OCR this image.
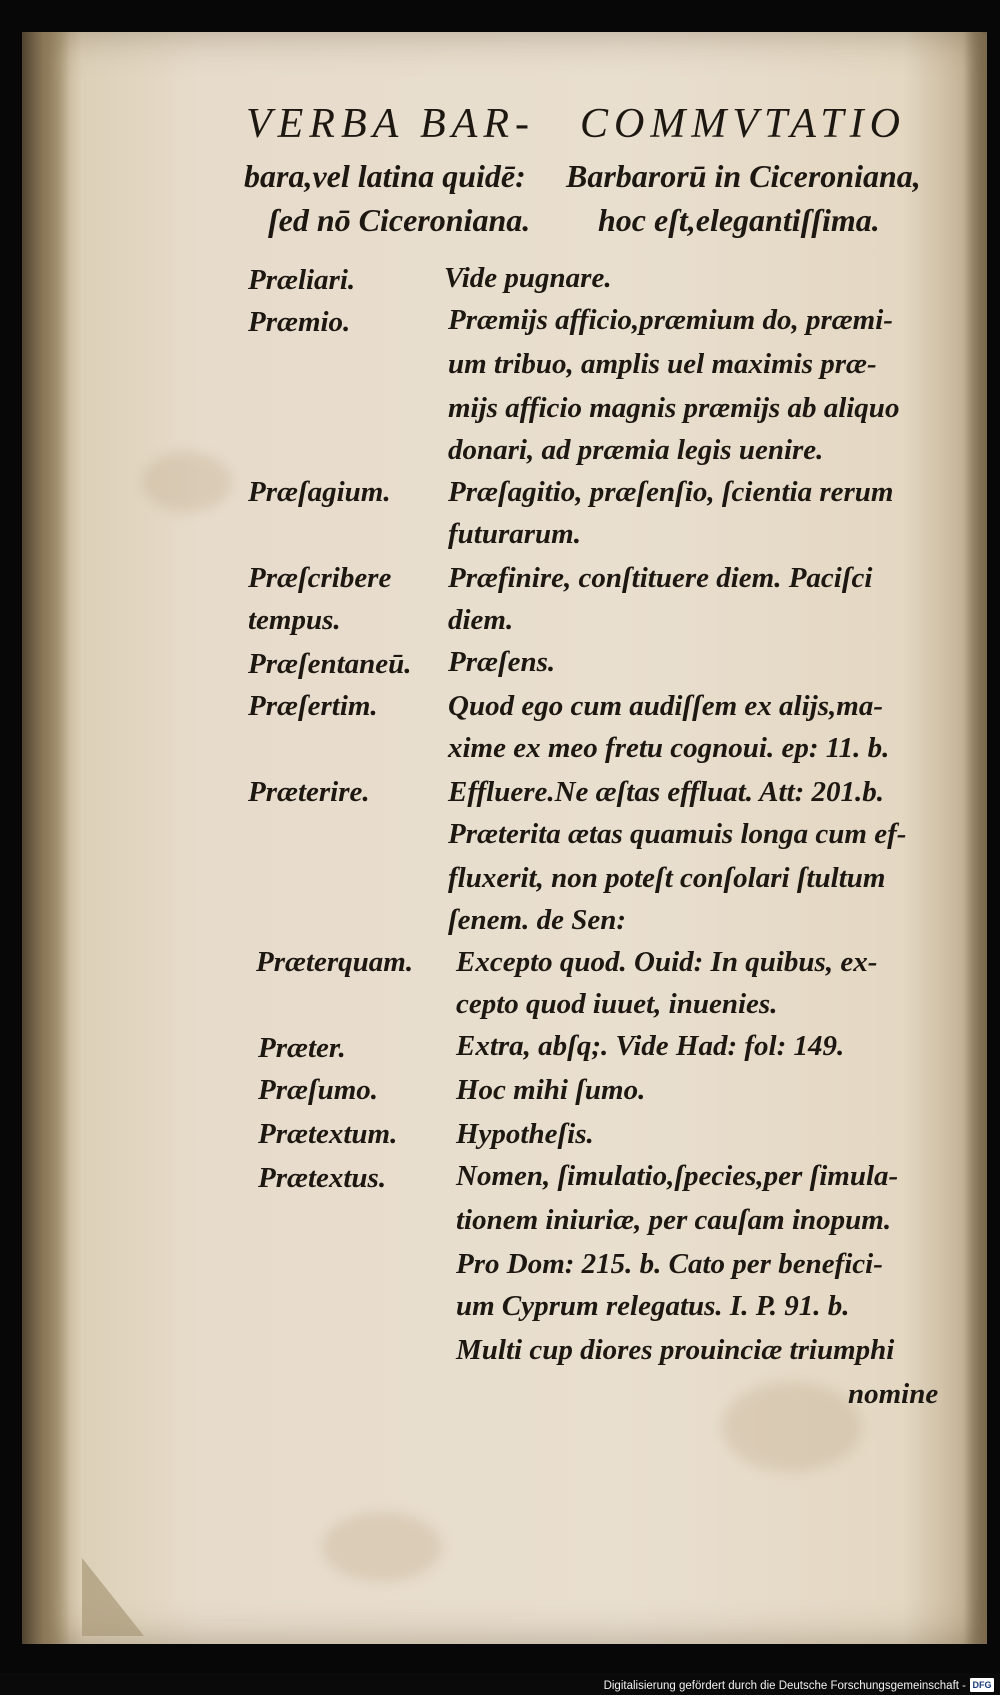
VERBA BAR- COMMVTATIO
bara,vel latina quidē:
ſed nō Ciceroniana.
Barbarorū in Ciceroniana,
hoc eſt,elegantiſſima.
Præliari.
Præmio.
Præſagium.
Præſcribere
tempus.
Præſentaneū.
Præſertim.
Præterire.
Præterquam.
Præter.
Præſumo.
Prætextum.
Prætextus.
Vide pugnare.
Præmijs afficio,præmium do, præmi-
um tribuo, amplis uel maximis præ-
mijs afficio magnis præmijs ab aliquo
donari, ad præmia legis uenire.
Præſagitio, præſenſio, ſcientia rerum
futurarum.
Præfinire, conſtituere diem. Paciſci
diem.
Præſens.
Quod ego cum audiſſem ex alijs,ma-
xime ex meo fretu cognoui. ep: 11. b.
Effluere.Ne æſtas effluat. Att: 201.b.
Præterita ætas quamuis longa cum ef-
fluxerit, non poteſt conſolari ſtultum
ſenem. de Sen:
Excepto quod. Ouid: In quibus, ex-
cepto quod iuuet, inuenies.
Extra, abſq;. Vide Had: fol: 149.
Hoc mihi ſumo.
Hypotheſis.
Nomen, ſimulatio,ſpecies,per ſimula-
tionem iniuriæ, per cauſam inopum.
Pro Dom: 215. b. Cato per benefici-
um Cyprum relegatus. I. P. 91. b.
Multi cup diores prouinciæ triumphi
nomine
Digitalisierung gefördert durch die Deutsche Forschungsgemeinschaft - DFG
